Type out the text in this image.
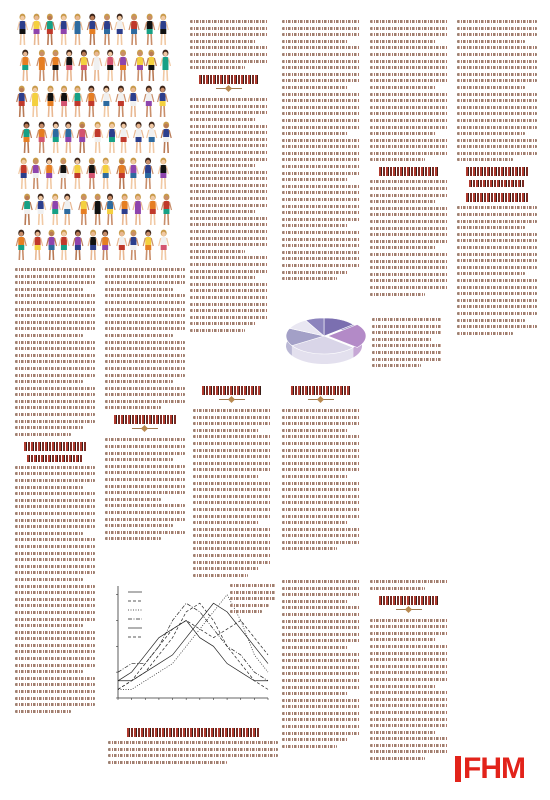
FHM
